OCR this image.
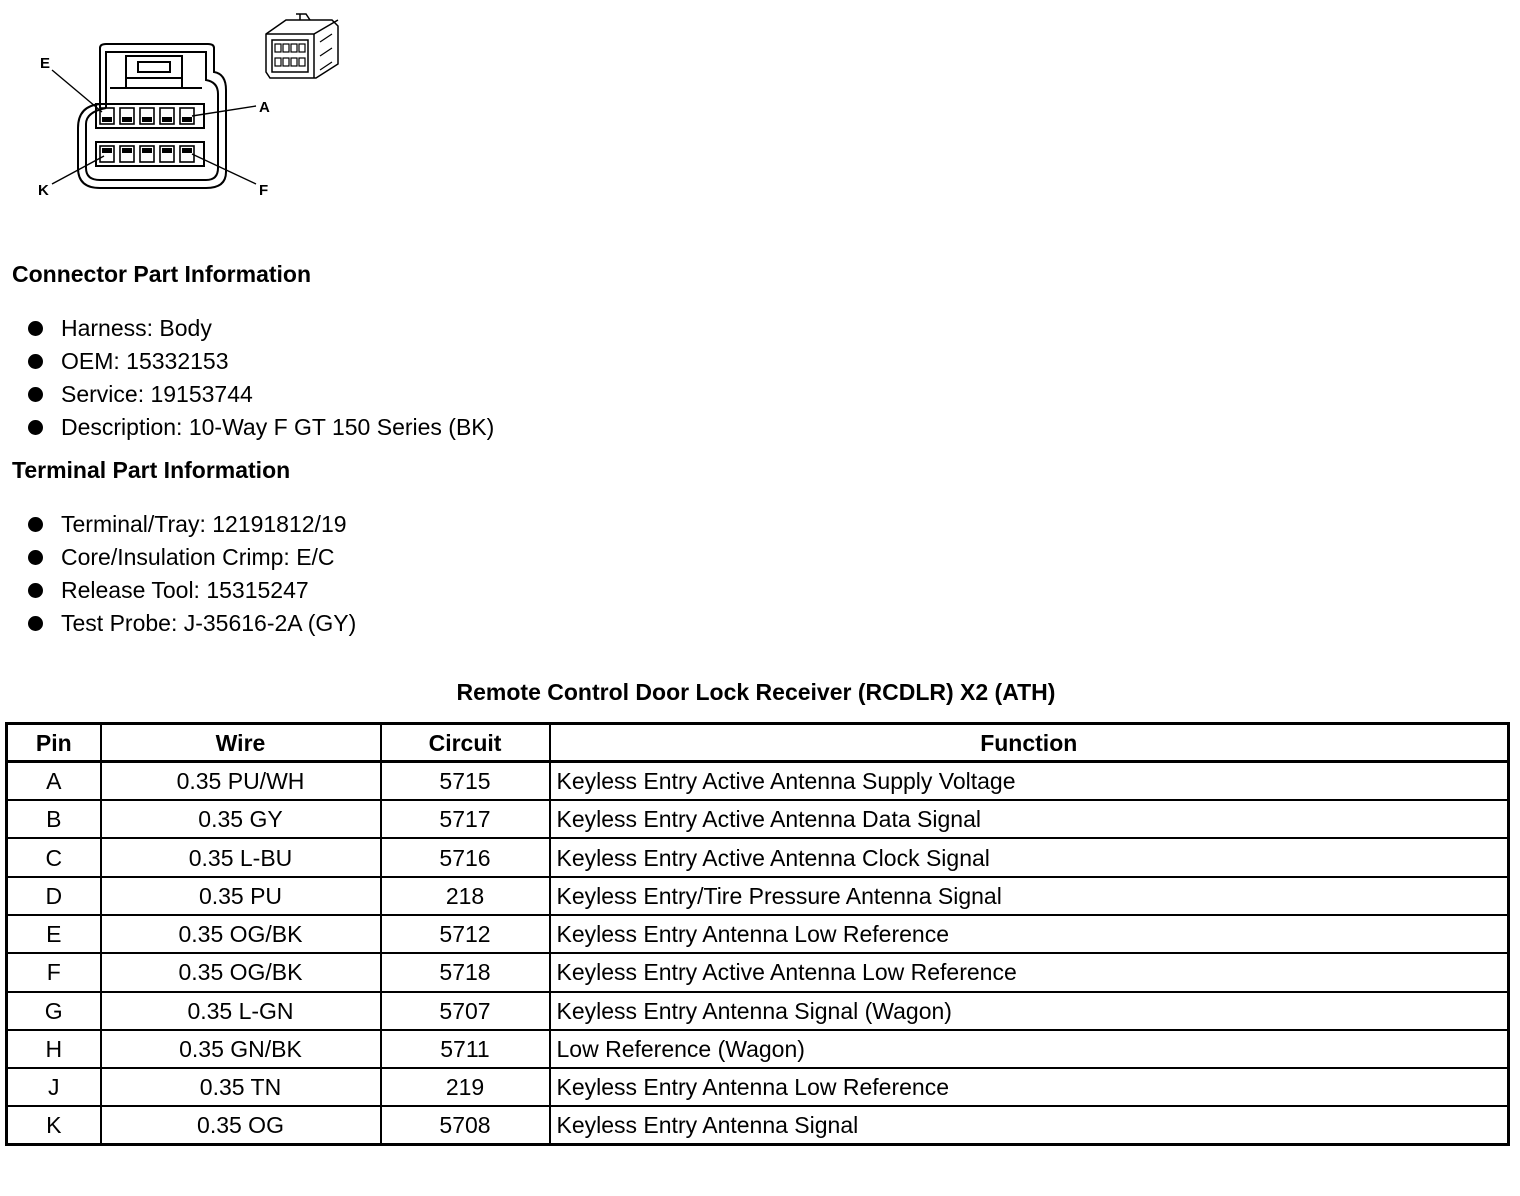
E
A
K	F
Connector Part Information
Harness: Body
OEM: 15332153
Service: 19153744
Description: 10-Way F GT 150 Series (BK)
Terminal Part Information
Terminal/Tray: 12191812/19
Core/Insulation Crimp: E/C
Release Tool: 15315247
Test Probe: J-35616-2A (GY)
Remote Control Door Lock Receiver (RCDLR) X2 (ATH)
Pin	Wire	Circuit	Function
A	0.35 PU/WH	5715	Keyless Entry Active Antenna Supply Voltage
B	0.35 GY	5717	Keyless Entry Active Antenna Data Signal
C	0.35 L-BU	5716	Keyless Entry Active Antenna Clock Signal
D	0.35 PU	218	Keyless Entry/Tire Pressure Antenna Signal
E	0.35 OG/BK	5712	Keyless Entry Antenna Low Reference
F	0.35 OG/BK	5718	Keyless Entry Active Antenna Low Reference
G	0.35 L-GN	5707	Keyless Entry Antenna Signal (Wagon)
H	0.35 GN/BK	5711	Low Reference (Wagon)
J	0.35 TN	219	Keyless Entry Antenna Low Reference
K	0.35 OG	5708	Keyless Entry Antenna Signal
